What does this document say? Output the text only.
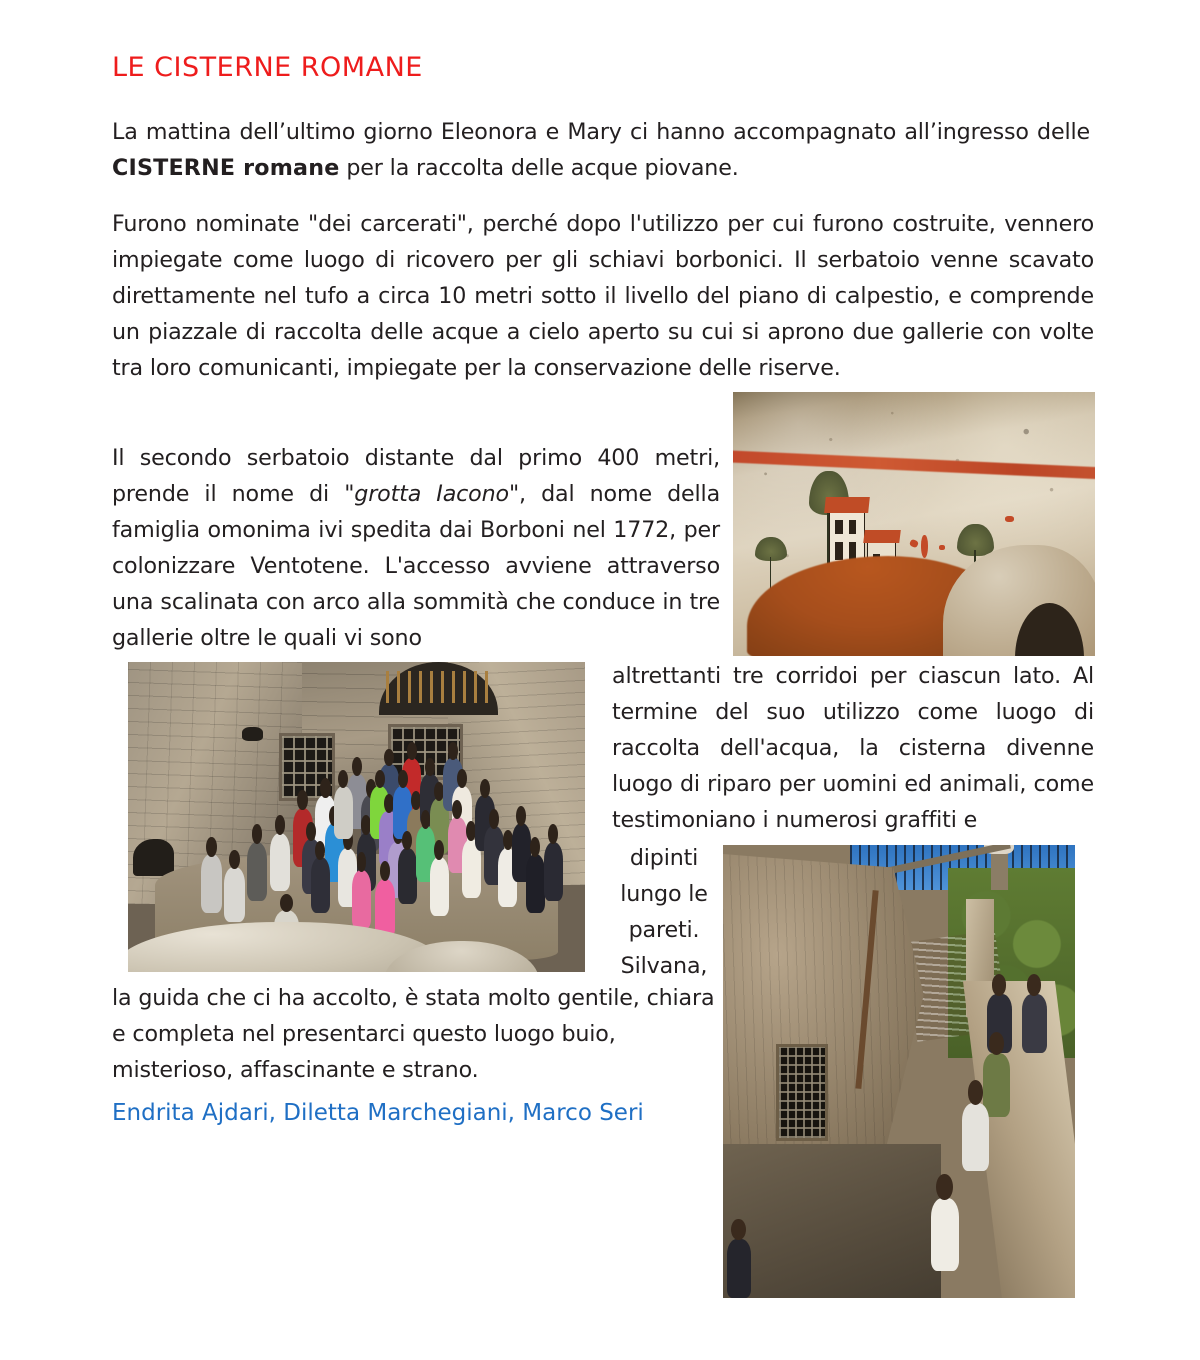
LE CISTERNE ROMANE
La mattina dell’ultimo giorno Eleonora e Mary ci hanno accompagnato all’ingresso delle CISTERNE romane per la raccolta delle acque piovane.
Furono nominate "dei carcerati", perché dopo l'utilizzo per cui furono costruite, vennero impiegate come luogo di ricovero per gli schiavi borbonici. Il serbatoio venne scavato direttamente nel tufo a circa 10 metri sotto il livello del piano di calpestio, e comprende un piazzale di raccolta delle acque a cielo aperto su cui si aprono due gallerie con volte tra loro comunicanti, impiegate per la conservazione delle riserve.
Il secondo serbatoio distante dal primo 400 metri, prende il nome di "grotta Iacono", dal nome della famiglia omonima ivi spedita dai Borboni nel 1772, per colonizzare Ventotene. L'accesso avviene attraverso una scalinata con arco alla sommità che conduce in tre gallerie oltre le quali vi sono
altrettanti tre corridoi per ciascun lato. Al termine del suo utilizzo come luogo di raccolta dell'acqua, la cisterna divenne luogo di riparo per uomini ed animali, come testimoniano i numerosi graffiti e
dipinti lungo le pareti. Silvana,
la guida che ci ha accolto, è stata molto gentile, chiara e completa nel presentarci questo luogo buio, misterioso, affascinante e strano.
Endrita Ajdari, Diletta Marchegiani, Marco Seri
